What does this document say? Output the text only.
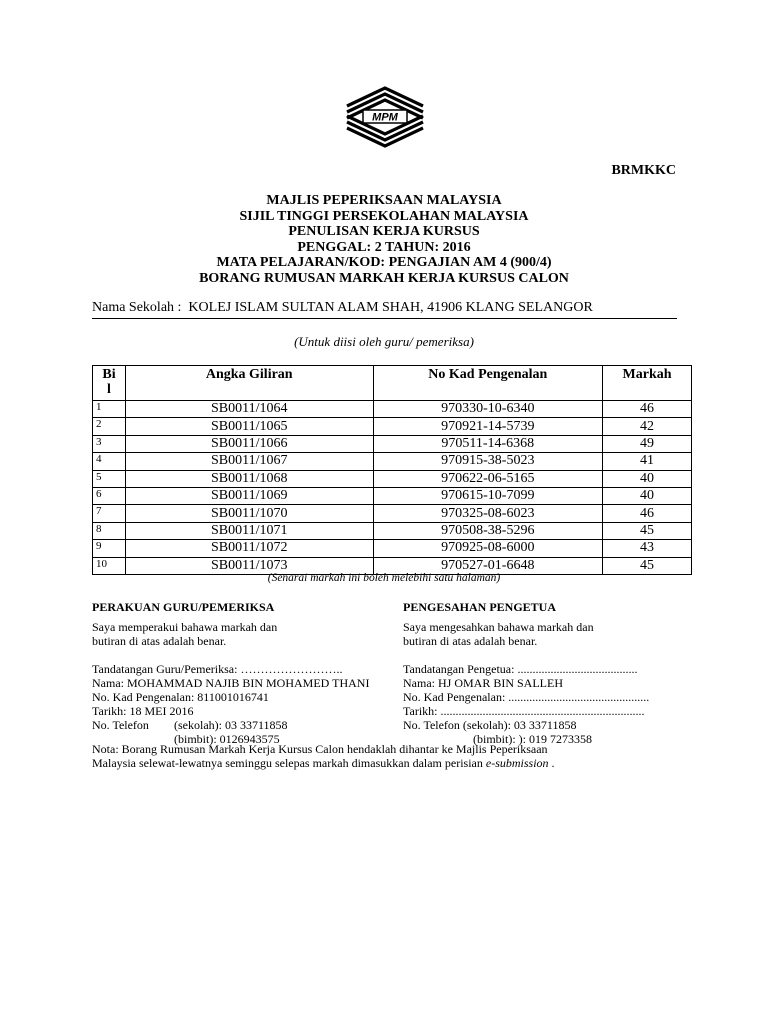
MPM
BRMKKC
MAJLIS PEPERIKSAAN MALAYSIA
SIJIL TINGGI PERSEKOLAHAN MALAYSIA
PENULISAN KERJA KURSUS
PENGGAL: 2 TAHUN: 2016
MATA PELAJARAN/KOD: PENGAJIAN AM 4 (900/4)
BORANG RUMUSAN MARKAH KERJA KURSUS CALON
Nama Sekolah : KOLEJ ISLAM SULTAN ALAM SHAH, 41906 KLANG SELANGOR
(Untuk diisi oleh guru/ pemeriksa)
Bi
l	Angka Giliran	No Kad Pengenalan	Markah
1	SB0011/1064	970330-10-6340	46
2	SB0011/1065	970921-14-5739	42
3	SB0011/1066	970511-14-6368	49
4	SB0011/1067	970915-38-5023	41
5	SB0011/1068	970622-06-5165	40
6	SB0011/1069	970615-10-7099	40
7	SB0011/1070	970325-08-6023	46
8	SB0011/1071	970508-38-5296	45
9	SB0011/1072	970925-08-6000	43
10	SB0011/1073	970527-01-6648	45
(Senarai markah ini boleh melebihi satu halaman)
PERAKUAN GURU/PEMERIKSA
Saya memperakui bahawa markah dan
butiran di atas adalah benar.
Tandatangan Guru/Pemeriksa: ……………………..
Nama: MOHAMMAD NAJIB BIN MOHAMED THANI
No. Kad Pengenalan: 811001016741
Tarikh: 18 MEI 2016
No. Telefon (sekolah): 03 33711858
(bimbit): 0126943575
PENGESAHAN PENGETUA
Saya mengesahkan bahawa markah dan
butiran di atas adalah benar.
Tandatangan Pengetua: ........................................
Nama: HJ OMAR BIN SALLEH
No. Kad Pengenalan: ...............................................
Tarikh: ....................................................................
No. Telefon (sekolah): 03 33711858
(bimbit): ): 019 7273358
Nota: Borang Rumusan Markah Kerja Kursus Calon hendaklah dihantar ke Majlis Peperiksaan
Malaysia selewat-lewatnya seminggu selepas markah dimasukkan dalam perisian e-submission .
